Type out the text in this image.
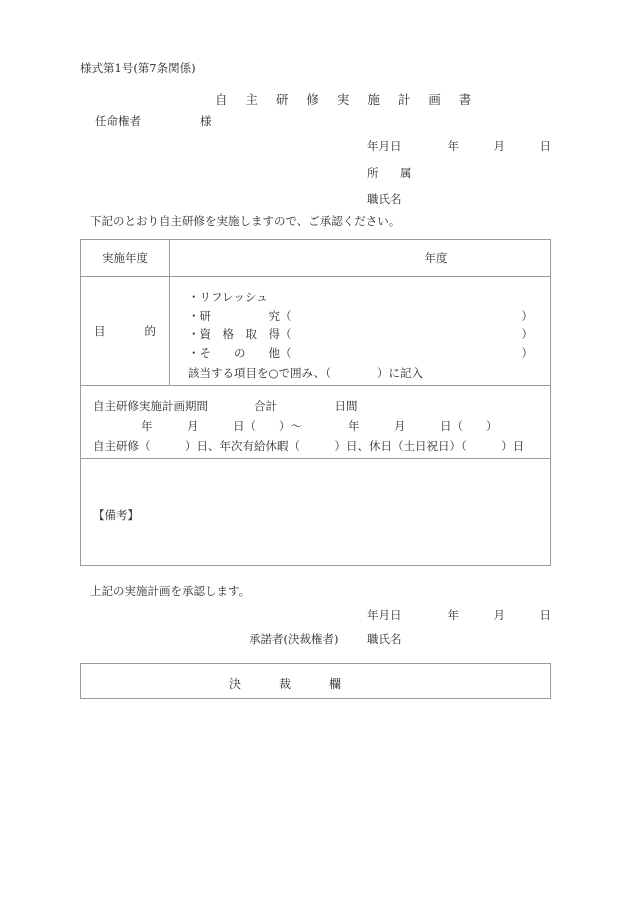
様式第1号(第7条関係)
自 主 研 修 実 施 計 画 書
任命権者	様
年月日　　　　年　　　月　　　日
所　属
職氏名
下記のとおり自主研修を実施しますので、ご承認ください。
実施年度	年度

目	的

・リフレッシュ
・研　　　　　究（	）
・資　格　取　得（	）
・そ　　の　　他（	）
該当する項目を○で囲み、（　　　　）に記入

自主研修実施計画期間　　　　合計　　　　　日間
年　　　月　　　日（　　）～　　　　年　　　月　　　日（　　）
自主研修（　　　）日、年次有給休暇（　　　）日、休日（土日祝日）（　　　）日	

【備考】	
上記の実施計画を承認します。
年月日　　　　年　　　月　　　日
承諾者(決裁権者) 職氏名
決裁欄
